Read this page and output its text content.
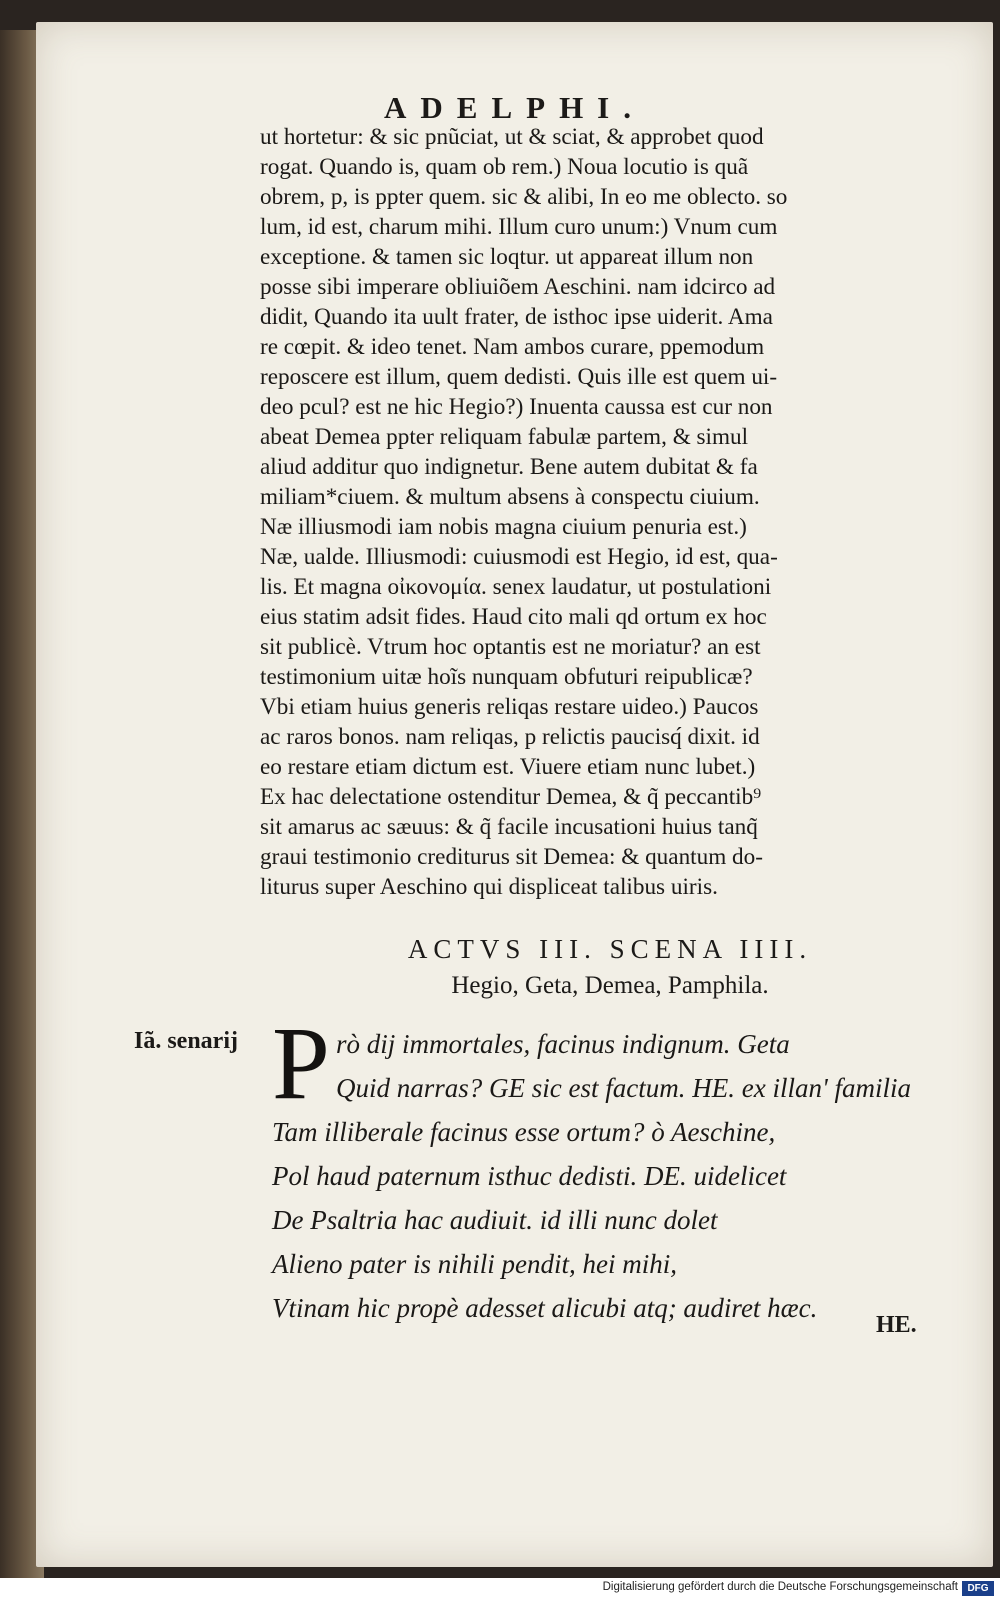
ADELPHI.
ut hortetur: & sic pnũciat, ut & sciat, & approbet quod
rogat. Quando is, quam ob rem.) Noua locutio is quã
obrem, p, is ppter quem. sic & alibi, In eo me oblecto. so
lum, id est, charum mihi. Illum curo unum:) Vnum cum
exceptione. & tamen sic loqtur. ut appareat illum non
posse sibi imperare obliuiõem Aeschini. nam idcirco ad
didit, Quando ita uult frater, de isthoc ipse uiderit. Ama
re cœpit. & ideo tenet. Nam ambos curare, ppemodum
reposcere est illum, quem dedisti. Quis ille est quem ui-
deo pcul? est ne hic Hegio?) Inuenta caussa est cur non
abeat Demea ppter reliquam fabulæ partem, & simul
aliud additur quo indignetur. Bene autem dubitat & fa
miliam*ciuem. & multum absens à conspectu ciuium.
Næ illiusmodi iam nobis magna ciuium penuria est.)
Næ, ualde. Illiusmodi: cuiusmodi est Hegio, id est, qua-
lis. Et magna οἰκονομία. senex laudatur, ut postulationi
eius statim adsit fides. Haud cito mali qd ortum ex hoc
sit publicè. Vtrum hoc optantis est ne moriatur? an est
testimonium uitæ hoĩs nunquam obfuturi reipublicæ?
Vbi etiam huius generis reliqas restare uideo.) Paucos
ac raros bonos. nam reliqas, p relictis paucisq́ dixit. id
eo restare etiam dictum est. Viuere etiam nunc lubet.)
Ex hac delectatione ostenditur Demea, & q̃ peccantib⁹
sit amarus ac sæuus: & q̃ facile incusationi huius tanq̃
graui testimonio crediturus sit Demea: & quantum do-
liturus super Aeschino qui displiceat talibus uiris.
ACTVS III. SCENA IIII.
Hegio, Geta, Demea, Pamphila.
Iã. senarij P rò dij immortales, facinus indignum. Geta
Quid narras? GE sic est factum. HE. ex illan' familia
Tam illiberale facinus esse ortum? ò Aeschine,
Pol haud paternum isthuc dedisti. DE. uidelicet
De Psaltria hac audiuit. id illi nunc dolet
Alieno pater is nihili pendit, hei mihi,
Vtinam hic propè adesset alicubi atq; audiret hæc.
HE.
Digitalisierung gefördert durch die Deutsche Forschungsgemeinschaft DFG
